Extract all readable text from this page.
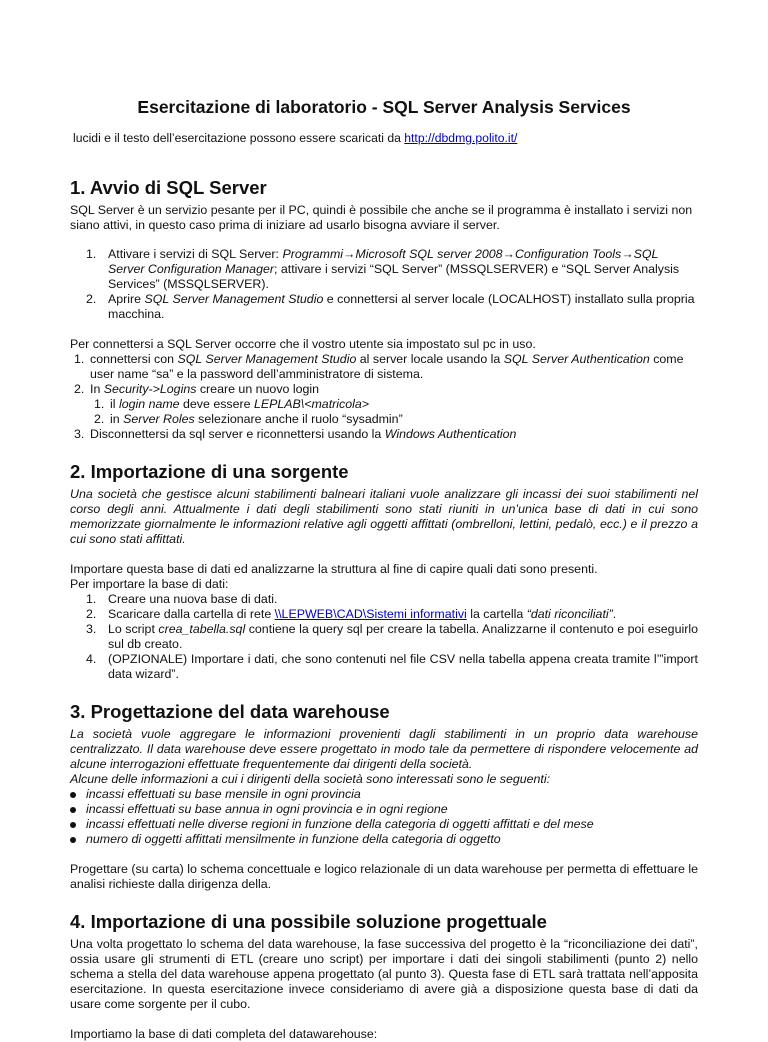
Esercitazione di laboratorio - SQL Server Analysis Services

lucidi e il testo dell’esercitazione possono essere scaricati da http://dbdmg.polito.it/

1. Avvio di SQL Server

SQL Server è un servizio pesante per il PC, quindi è possibile che anche se il programma è installato i servizi non siano attivi, in questo caso prima di iniziare ad usarlo bisogna avviare il server.

1. Attivare i servizi di SQL Server: Programmi→Microsoft SQL server 2008→Configuration Tools→SQL Server Configuration Manager; attivare i servizi “SQL Server” (MSSQLSERVER) e “SQL Server Analysis Services” (MSSQLSERVER).
2. Aprire SQL Server Management Studio e connettersi al server locale (LOCALHOST) installato sulla propria macchina.

Per connettersi a SQL Server occorre che il vostro utente sia impostato sul pc in uso.

1. connettersi con SQL Server Management Studio al server locale usando la SQL Server Authentication come user name “sa” e la password dell’amministratore di sistema.
2. In Security->Logins creare un nuovo login
1. il login name deve essere LEPLAB\<matricola>
2. in Server Roles selezionare anche il ruolo “sysadmin”
3. Disconnettersi da sql server e riconnettersi usando la Windows Authentication
2. Importazione di una sorgente

Una società che gestisce alcuni stabilimenti balneari italiani vuole analizzare gli incassi dei suoi stabilimenti nel corso degli anni. Attualmente i dati degli stabilimenti sono stati riuniti in un’unica base di dati in cui sono memorizzate giornalmente le informazioni relative agli oggetti affittati (ombrelloni, lettini, pedalò, ecc.) e il prezzo a cui sono stati affittati.

Importare questa base di dati ed analizzarne la struttura al fine di capire quali dati sono presenti.

Per importare la base di dati:

1. Creare una nuova base di dati.
2. Scaricare dalla cartella di rete \\LEPWEB\CAD\Sistemi informativi la cartella “dati riconciliati”.
3. Lo script crea_tabella.sql contiene la query sql per creare la tabella. Analizzarne il contenuto e poi eseguirlo sul db creato.
4. (OPZIONALE) Importare i dati, che sono contenuti nel file CSV nella tabella appena creata tramite l’”import data wizard”.
3. Progettazione del data warehouse

La società vuole aggregare le informazioni provenienti dagli stabilimenti in un proprio data warehouse centralizzato. Il data warehouse deve essere progettato in modo tale da permettere di rispondere velocemente ad alcune interrogazioni effettuate frequentemente dai dirigenti della società.

Alcune delle informazioni a cui i dirigenti della società sono interessati sono le seguenti:

incassi effettuati su base mensile in ogni provincia
incassi effettuati su base annua in ogni provincia e in ogni regione
incassi effettuati nelle diverse regioni in funzione della categoria di oggetti affittati e del mese
numero di oggetti affittati mensilmente in funzione della categoria di oggetto

Progettare (su carta) lo schema concettuale e logico relazionale di un data warehouse per permetta di effettuare le analisi richieste dalla dirigenza della.

4. Importazione di una possibile soluzione progettuale

Una volta progettato lo schema del data warehouse, la fase successiva del progetto è la “riconciliazione dei dati”, ossia usare gli strumenti di ETL (creare uno script) per importare i dati dei singoli stabilimenti (punto 2) nello schema a stella del data warehouse appena progettato (al punto 3). Questa fase di ETL sarà trattata nell’apposita esercitazione. In questa esercitazione invece consideriamo di avere già a disposizione questa base di dati da usare come sorgente per il cubo.

Importiamo la base di dati completa del datawarehouse:
